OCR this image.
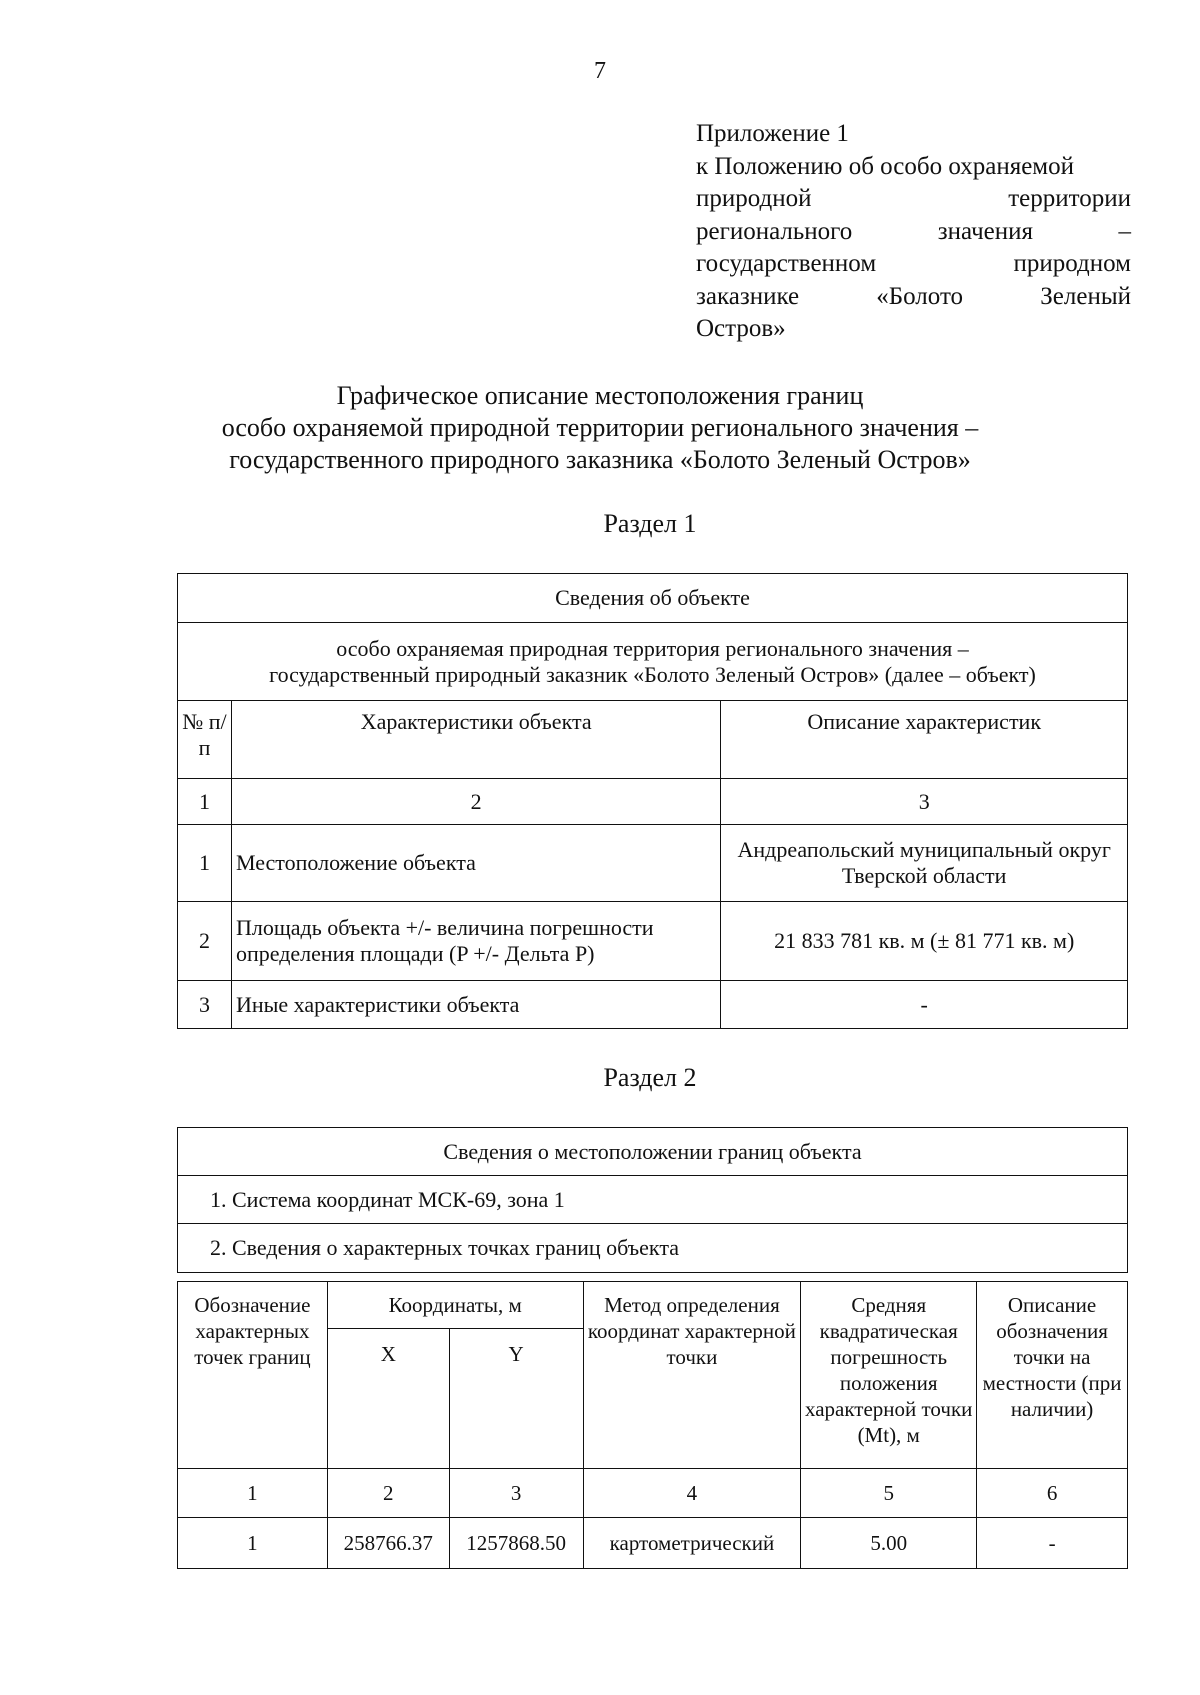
7
Приложение 1
к Положению об особо охраняемой
природной территории
регионального значения –
государственном природном
заказнике «Болото Зеленый
Остров»
Графическое описание местоположения границ
особо охраняемой природной территории регионального значения –
государственного природного заказника «Болото Зеленый Остров»
Раздел 1
Сведения об объекте		

особо охраняемая природная территория регионального значения –
государственный природный заказник «Болото Зеленый Остров» (далее – объект)		

№ п/п	Характеристики объекта	Описание характеристик
1	2	3
1	Местоположение объекта	Андреапольский муниципальный округ Тверской области
2	Площадь объекта +/- величина погрешности определения площади (P +/- Дельта P)	21 833 781 кв. м (± 81 771 кв. м)
3	Иные характеристики объекта	-
Раздел 2
Сведения о местоположении границ объекта
1. Система координат МСК-69, зона 1
2. Сведения о характерных точках границ объекта
Обозначение характерных точек границ	Координаты, м		Метод определения координат характерной точки	Средняя квадратическая погрешность положения характерной точки (Mt), м	Описание обозначения точки на местности (при наличии)
	X	Y			
1	2	3	4	5	6
1	258766.37	1257868.50	картометрический	5.00	-
